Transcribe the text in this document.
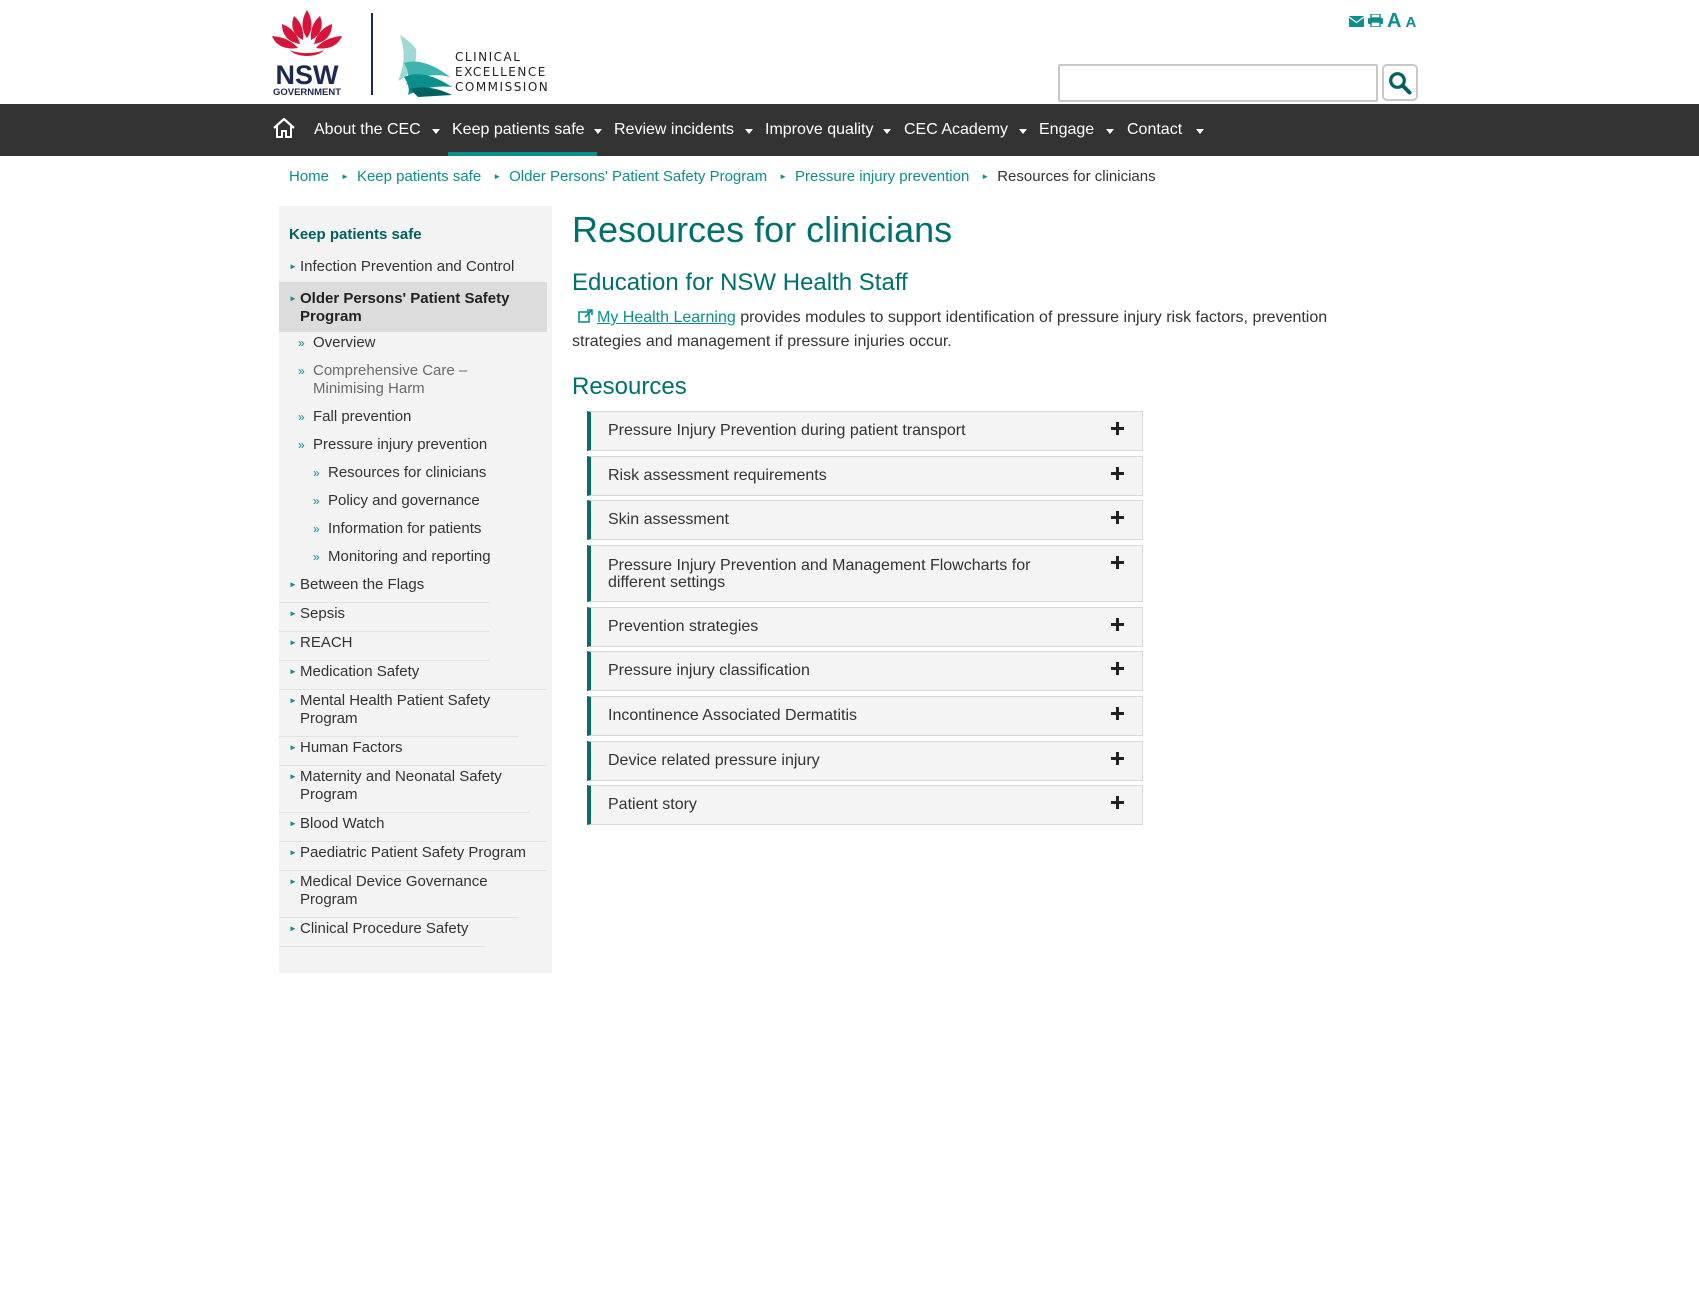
NSW
GOVERNMENT
CLINICAL
EXCELLENCE
COMMISSION
A A
About the CEC Keep patients safe Review incidents Improve quality CEC Academy Engage Contact
Home ► Keep patients safe ► Older Persons' Patient Safety Program ► Pressure injury prevention ► Resources for clinicians
Keep patients safe
► Infection Prevention and Control
► Older Persons' Patient Safety Program
» Overview
» Comprehensive Care – Minimising Harm
» Fall prevention
» Pressure injury prevention
» Resources for clinicians
» Policy and governance
» Information for patients
» Monitoring and reporting
► Between the Flags
► Sepsis
► REACH
► Medication Safety
► Mental Health Patient Safety Program
► Human Factors
► Maternity and Neonatal Safety Program
► Blood Watch
► Paediatric Patient Safety Program
► Medical Device Governance Program
► Clinical Procedure Safety
Resources for clinicians
Education for NSW Health Staff

My Health Learning provides modules to support identification of pressure injury risk factors, prevention strategies and management if pressure injuries occur.

Resources
Pressure Injury Prevention during patient transport
Risk assessment requirements
Skin assessment
Pressure Injury Prevention and Management Flowcharts for different settings
Prevention strategies
Pressure injury classification
Incontinence Associated Dermatitis
Device related pressure injury
Patient story
